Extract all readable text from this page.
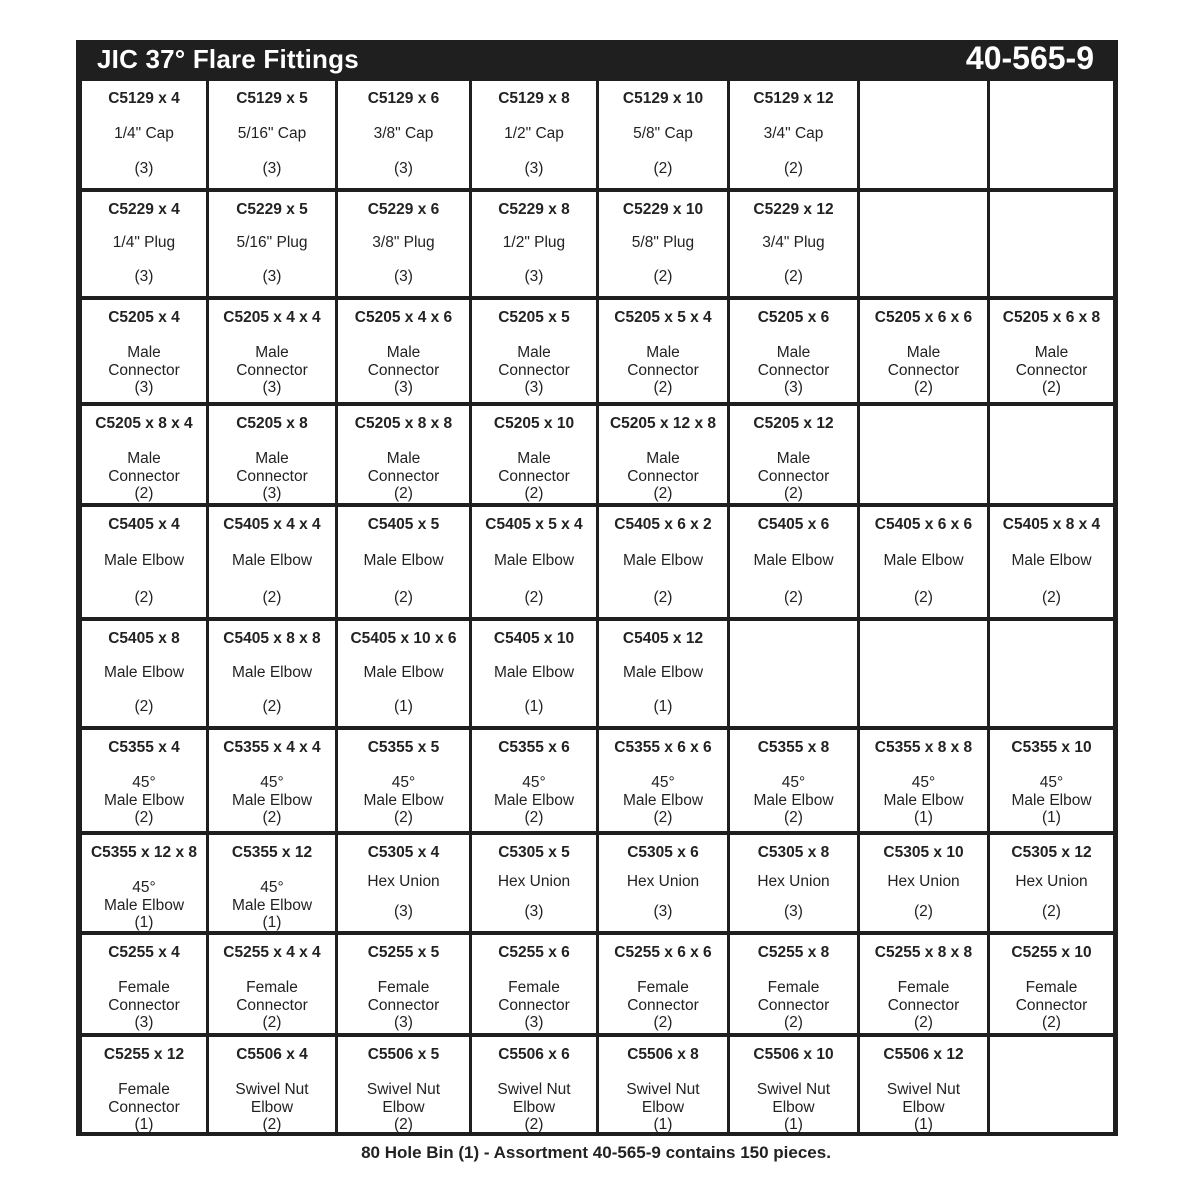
JIC 37° Flare Fittings	40-565-9
C5129 x 4
1/4" Cap
(3)
C5129 x 5
5/16" Cap
(3)
C5129 x 6
3/8" Cap
(3)
C5129 x 8
1/2" Cap
(3)
C5129 x 10
5/8" Cap
(2)
C5129 x 12
3/4" Cap
(2)
C5229 x 4
1/4" Plug
(3)
C5229 x 5
5/16" Plug
(3)
C5229 x 6
3/8" Plug
(3)
C5229 x 8
1/2" Plug
(3)
C5229 x 10
5/8" Plug
(2)
C5229 x 12
3/4" Plug
(2)
C5205 x 4
Male
Connector
(3)
C5205 x 4 x 4
Male
Connector
(3)
C5205 x 4 x 6
Male
Connector
(3)
C5205 x 5
Male
Connector
(3)
C5205 x 5 x 4
Male
Connector
(2)
C5205 x 6
Male
Connector
(3)
C5205 x 6 x 6
Male
Connector
(2)
C5205 x 6 x 8
Male
Connector
(2)
C5205 x 8 x 4
Male
Connector
(2)
C5205 x 8
Male
Connector
(3)
C5205 x 8 x 8
Male
Connector
(2)
C5205 x 10
Male
Connector
(2)
C5205 x 12 x 8
Male
Connector
(2)
C5205 x 12
Male
Connector
(2)
C5405 x 4
Male Elbow
(2)
C5405 x 4 x 4
Male Elbow
(2)
C5405 x 5
Male Elbow
(2)
C5405 x 5 x 4
Male Elbow
(2)
C5405 x 6 x 2
Male Elbow
(2)
C5405 x 6
Male Elbow
(2)
C5405 x 6 x 6
Male Elbow
(2)
C5405 x 8 x 4
Male Elbow
(2)
C5405 x 8
Male Elbow
(2)
C5405 x 8 x 8
Male Elbow
(2)
C5405 x 10 x 6
Male Elbow
(1)
C5405 x 10
Male Elbow
(1)
C5405 x 12
Male Elbow
(1)
C5355 x 4
45°
Male Elbow
(2)
C5355 x 4 x 4
45°
Male Elbow
(2)
C5355 x 5
45°
Male Elbow
(2)
C5355 x 6
45°
Male Elbow
(2)
C5355 x 6 x 6
45°
Male Elbow
(2)
C5355 x 8
45°
Male Elbow
(2)
C5355 x 8 x 8
45°
Male Elbow
(1)
C5355 x 10
45°
Male Elbow
(1)
C5355 x 12 x 8
45°
Male Elbow
(1)
C5355 x 12
45°
Male Elbow
(1)
C5305 x 4
Hex Union
(3)
C5305 x 5
Hex Union
(3)
C5305 x 6
Hex Union
(3)
C5305 x 8
Hex Union
(3)
C5305 x 10
Hex Union
(2)
C5305 x 12
Hex Union
(2)
C5255 x 4
Female
Connector
(3)
C5255 x 4 x 4
Female
Connector
(2)
C5255 x 5
Female
Connector
(3)
C5255 x 6
Female
Connector
(3)
C5255 x 6 x 6
Female
Connector
(2)
C5255 x 8
Female
Connector
(2)
C5255 x 8 x 8
Female
Connector
(2)
C5255 x 10
Female
Connector
(2)
C5255 x 12
Female
Connector
(1)
C5506 x 4
Swivel Nut
Elbow
(2)
C5506 x 5
Swivel Nut
Elbow
(2)
C5506 x 6
Swivel Nut
Elbow
(2)
C5506 x 8
Swivel Nut
Elbow
(1)
C5506 x 10
Swivel Nut
Elbow
(1)
C5506 x 12
Swivel Nut
Elbow
(1)
80 Hole Bin (1) - Assortment 40-565-9 contains 150 pieces.
